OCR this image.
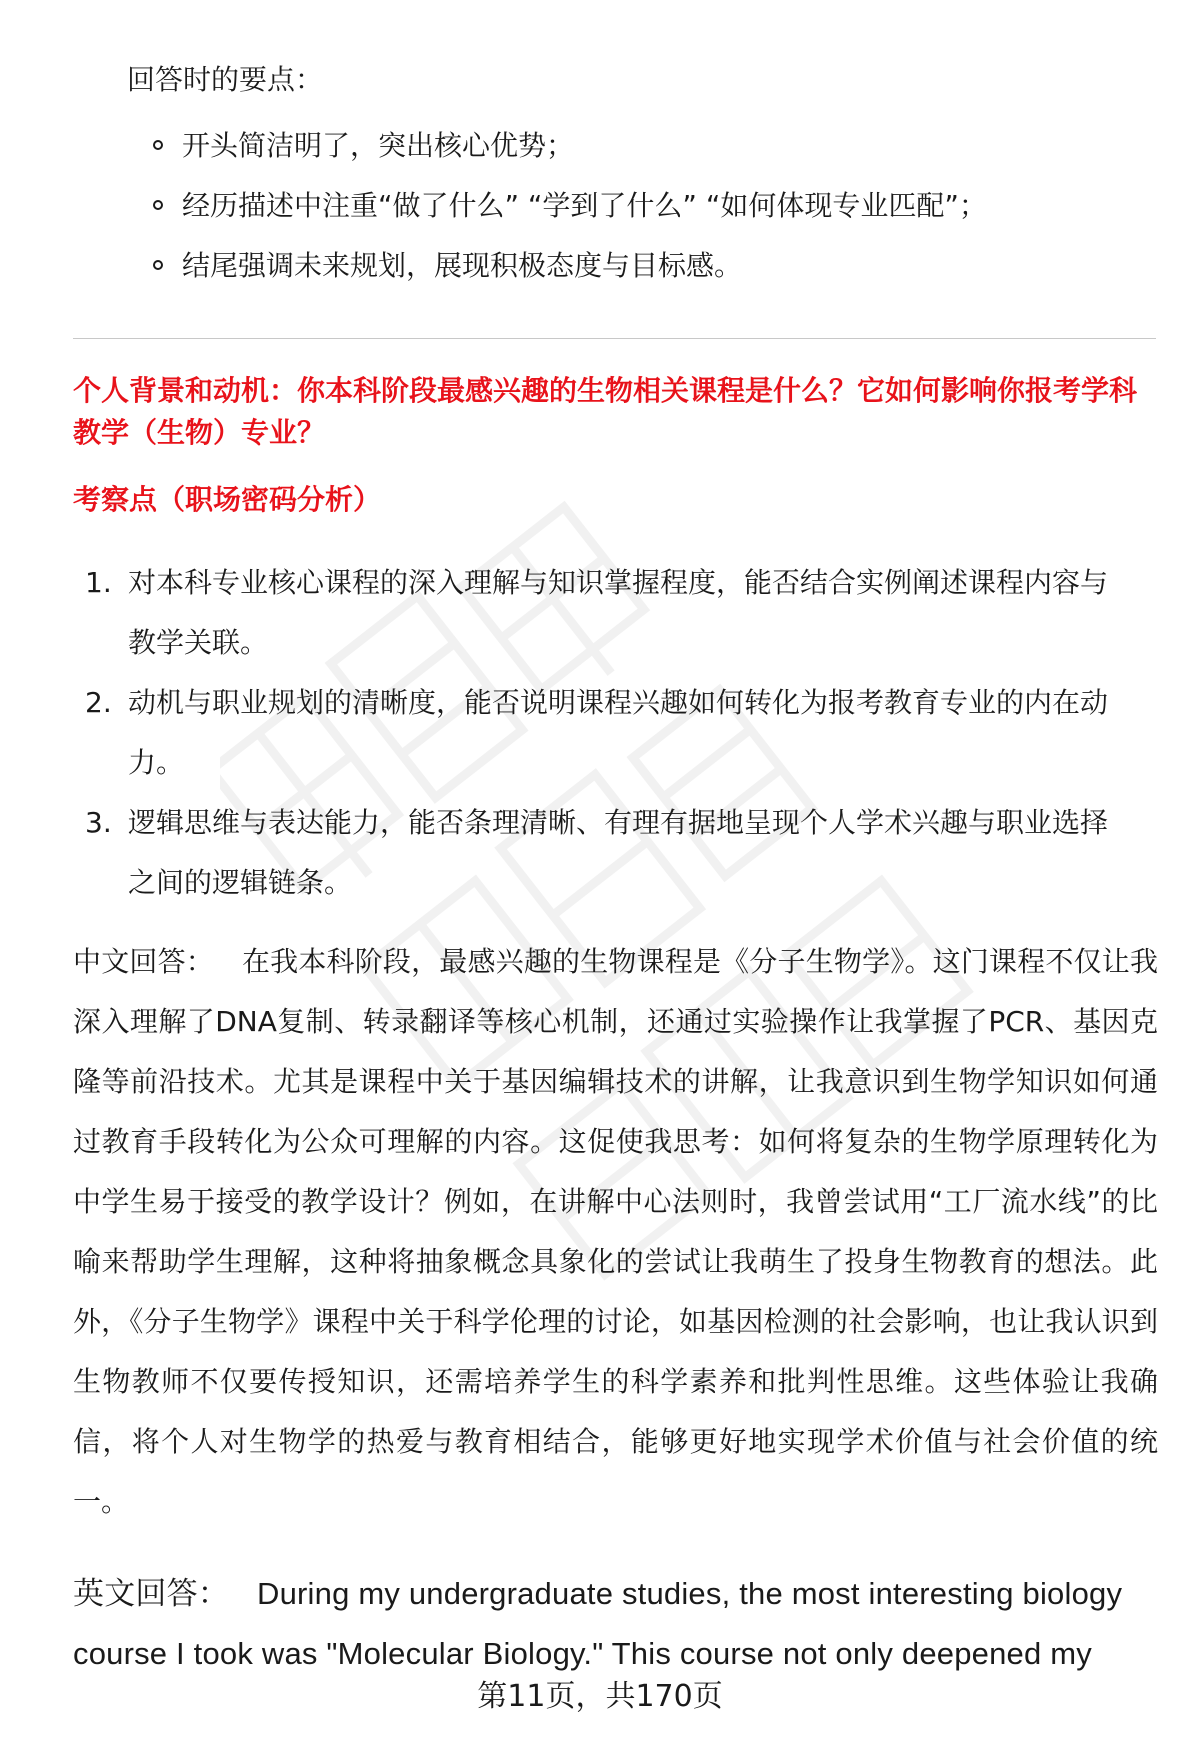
回答时的要点：
开头简洁明了，突出核心优势；
经历描述中注重“做了什么” “学到了什么” “如何体现专业匹配”；
结尾强调未来规划，展现积极态度与目标感。
个人背景和动机：你本科阶段最感兴趣的生物相关课程是什么？它如何影响你报考学科教学（生物）专业？
考察点（职场密码分析）
1. 对本科专业核心课程的深入理解与知识掌握程度，能否结合实例阐述课程内容与教学关联。
2. 动机与职业规划的清晰度，能否说明课程兴趣如何转化为报考教育专业的内在动力。
3. 逻辑思维与表达能力，能否条理清晰、有理有据地呈现个人学术兴趣与职业选择之间的逻辑链条。
中文回答： 在我本科阶段，最感兴趣的生物课程是《分子生物学》。这门课程不仅让我深入理解了DNA复制、转录翻译等核心机制，还通过实验操作让我掌握了PCR、基因克隆等前沿技术。尤其是课程中关于基因编辑技术的讲解，让我意识到生物学知识如何通过教育手段转化为公众可理解的内容。这促使我思考：如何将复杂的生物学原理转化为中学生易于接受的教学设计？例如，在讲解中心法则时，我曾尝试用“工厂流水线”的比喻来帮助学生理解，这种将抽象概念具象化的尝试让我萌生了投身生物教育的想法。此外，《分子生物学》课程中关于科学伦理的讨论，如基因检测的社会影响，也让我认识到生物教师不仅要传授知识，还需培养学生的科学素养和批判性思维。这些体验让我确信，将个人对生物学的热爱与教育相结合，能够更好地实现学术价值与社会价值的统一。
英文回答： During my undergraduate studies, the most interesting biology course I took was "Molecular Biology." This course not only deepened my
第11页，共170页
